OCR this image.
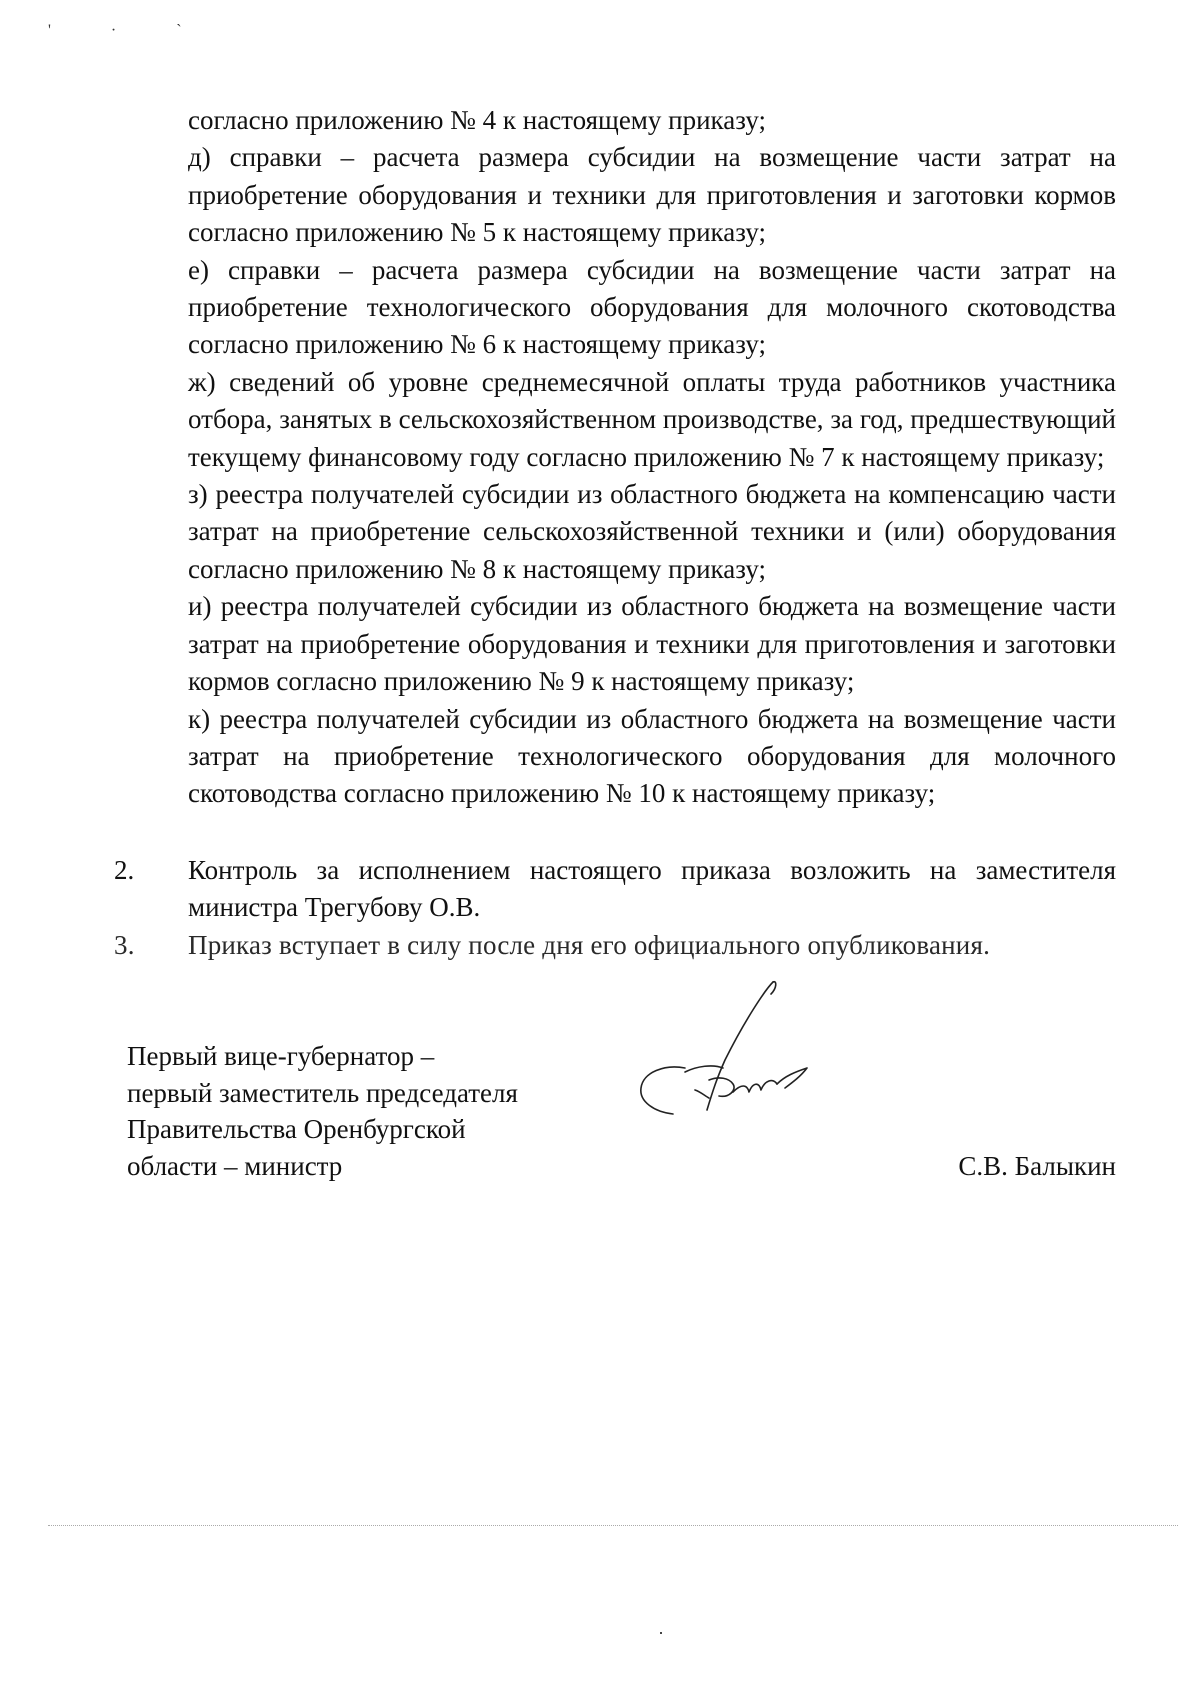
' · ˋ

согласно приложению № 4 к настоящему приказу;

д) справки – расчета размера субсидии на возмещение части затрат на приобретение оборудования и техники для приготовления и заготовки кормов согласно приложению № 5 к настоящему приказу;

е) справки – расчета размера субсидии на возмещение части затрат на приобретение технологического оборудования для молочного скотоводства согласно приложению № 6 к настоящему приказу;

ж) сведений об уровне среднемесячной оплаты труда работников участника отбора, занятых в сельскохозяйственном производстве, за год, предшествующий текущему финансовому году согласно приложению № 7 к настоящему приказу;

з) реестра получателей субсидии из областного бюджета на компенсацию части затрат на приобретение сельскохозяйственной техники и (или) оборудования согласно приложению № 8 к настоящему приказу;

и) реестра получателей субсидии из областного бюджета на возмещение части затрат на приобретение оборудования и техники для приготовления и заготовки кормов согласно приложению № 9 к настоящему приказу;

к) реестра получателей субсидии из областного бюджета на возмещение части затрат на приобретение технологического оборудования для молочного скотоводства согласно приложению № 10 к настоящему приказу;

2. Контроль за исполнением настоящего приказа возложить на заместителя министра Трегубову О.В.
3. Приказ вступает в силу после дня его официального опубликования.
Первый вице-губернатор –
первый заместитель председателя
Правительства Оренбургской
области – министр	С.В. Балыкин
